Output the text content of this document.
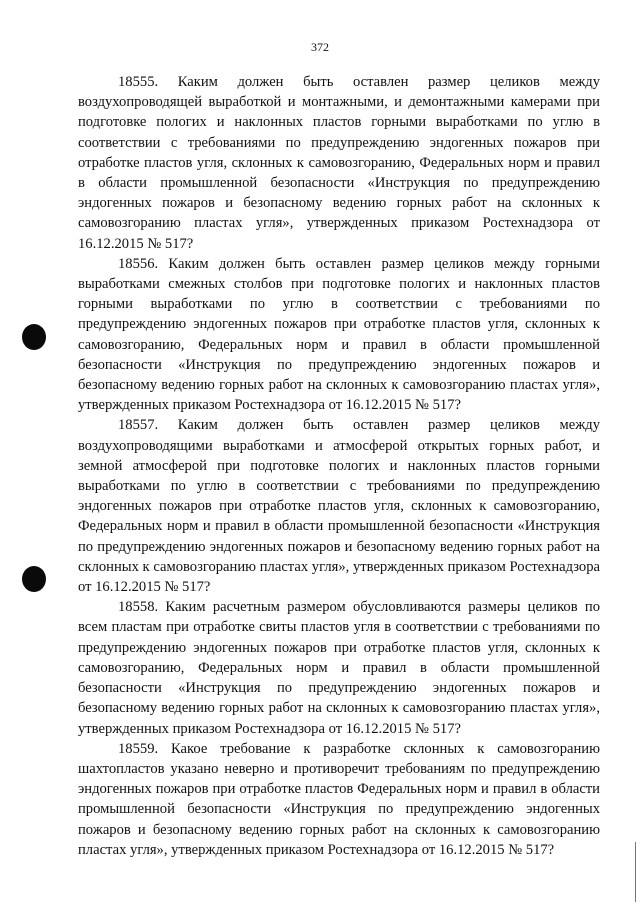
372

18555. Каким должен быть оставлен размер целиков между воздухопроводящей выработкой и монтажными, и демонтажными камерами при подготовке пологих и наклонных пластов горными выработками по углю в соответствии с требованиями по предупреждению эндогенных пожаров при отработке пластов угля, склонных к самовозгоранию, Федеральных норм и правил в области промышленной безопасности «Инструкция по предупреждению эндогенных пожаров и безопасному ведению горных работ на склонных к самовозгоранию пластах угля», утвержденных приказом Ростехнадзора от 16.12.2015 № 517?

18556. Каким должен быть оставлен размер целиков между горными выработками смежных столбов при подготовке пологих и наклонных пластов горными выработками по углю в соответствии с требованиями по предупреждению эндогенных пожаров при отработке пластов угля, склонных к самовозгоранию, Федеральных норм и правил в области промышленной безопасности «Инструкция по предупреждению эндогенных пожаров и безопасному ведению горных работ на склонных к самовозгоранию пластах угля», утвержденных приказом Ростехнадзора от 16.12.2015 № 517?

18557. Каким должен быть оставлен размер целиков между воздухопроводящими выработками и атмосферой открытых горных работ, и земной атмосферой при подготовке пологих и наклонных пластов горными выработками по углю в соответствии с требованиями по предупреждению эндогенных пожаров при отработке пластов угля, склонных к самовозгоранию, Федеральных норм и правил в области промышленной безопасности «Инструкция по предупреждению эндогенных пожаров и безопасному ведению горных работ на склонных к самовозгоранию пластах угля», утвержденных приказом Ростехнадзора от 16.12.2015 № 517?

18558. Каким расчетным размером обусловливаются размеры целиков по всем пластам при отработке свиты пластов угля в соответствии с требованиями по предупреждению эндогенных пожаров при отработке пластов угля, склонных к самовозгоранию, Федеральных норм и правил в области промышленной безопасности «Инструкция по предупреждению эндогенных пожаров и безопасному ведению горных работ на склонных к самовозгоранию пластах угля», утвержденных приказом Ростехнадзора от 16.12.2015 № 517?

18559. Какое требование к разработке склонных к самовозгоранию шахтопластов указано неверно и противоречит требованиям по предупреждению эндогенных пожаров при отработке пластов Федеральных норм и правил в области промышленной безопасности «Инструкция по предупреждению эндогенных пожаров и безопасному ведению горных работ на склонных к самовозгоранию пластах угля», утвержденных приказом Ростехнадзора от 16.12.2015 № 517?
